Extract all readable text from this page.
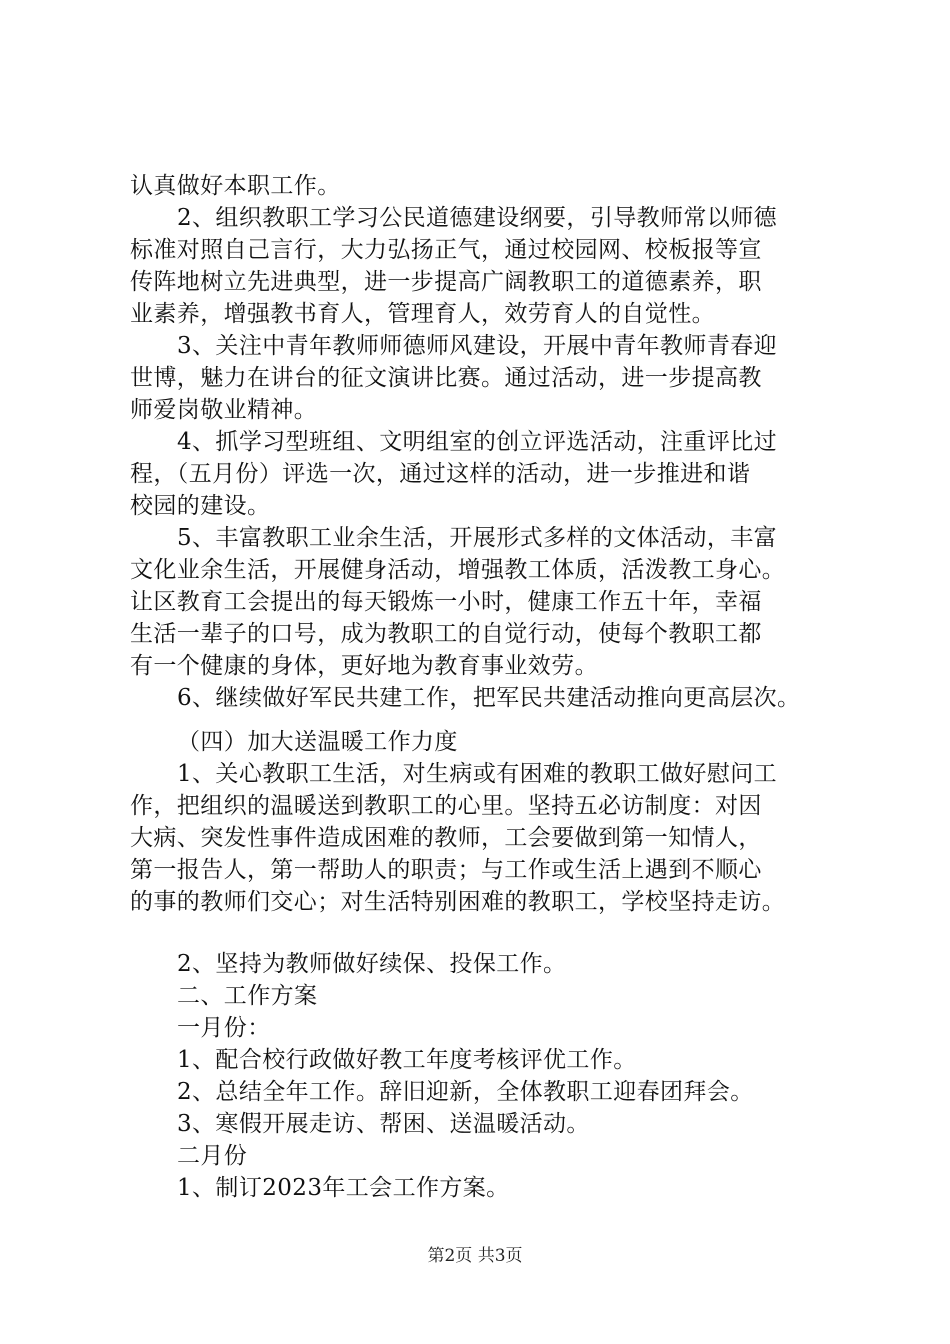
认真做好本职工作。
2、组织教职工学习公民道德建设纲要，引导教师常以师德
标准对照自己言行，大力弘扬正气，通过校园网、校板报等宣
传阵地树立先进典型，进一步提高广阔教职工的道德素养，职
业素养，增强教书育人，管理育人，效劳育人的自觉性。
3、关注中青年教师师德师风建设，开展中青年教师青春迎
世博，魅力在讲台的征文演讲比赛。通过活动，进一步提高教
师爱岗敬业精神。
4、抓学习型班组、文明组室的创立评选活动，注重评比过
程，（五月份）评选一次，通过这样的活动，进一步推进和谐
校园的建设。
5、丰富教职工业余生活，开展形式多样的文体活动，丰富
文化业余生活，开展健身活动，增强教工体质，活泼教工身心。
让区教育工会提出的每天锻炼一小时，健康工作五十年，幸福
生活一辈子的口号，成为教职工的自觉行动，使每个教职工都
有一个健康的身体，更好地为教育事业效劳。
6、继续做好军民共建工作，把军民共建活动推向更高层次。
（四）加大送温暖工作力度
1、关心教职工生活，对生病或有困难的教职工做好慰问工
作，把组织的温暖送到教职工的心里。坚持五必访制度：对因
大病、突发性事件造成困难的教师，工会要做到第一知情人，
第一报告人，第一帮助人的职责；与工作或生活上遇到不顺心
的事的教师们交心；对生活特别困难的教职工，学校坚持走访。
2、坚持为教师做好续保、投保工作。
二、工作方案
一月份：
1、配合校行政做好教工年度考核评优工作。
2、总结全年工作。辞旧迎新，全体教职工迎春团拜会。
3、寒假开展走访、帮困、送温暖活动。
二月份
1、制订2023年工会工作方案。
第2页 共3页
